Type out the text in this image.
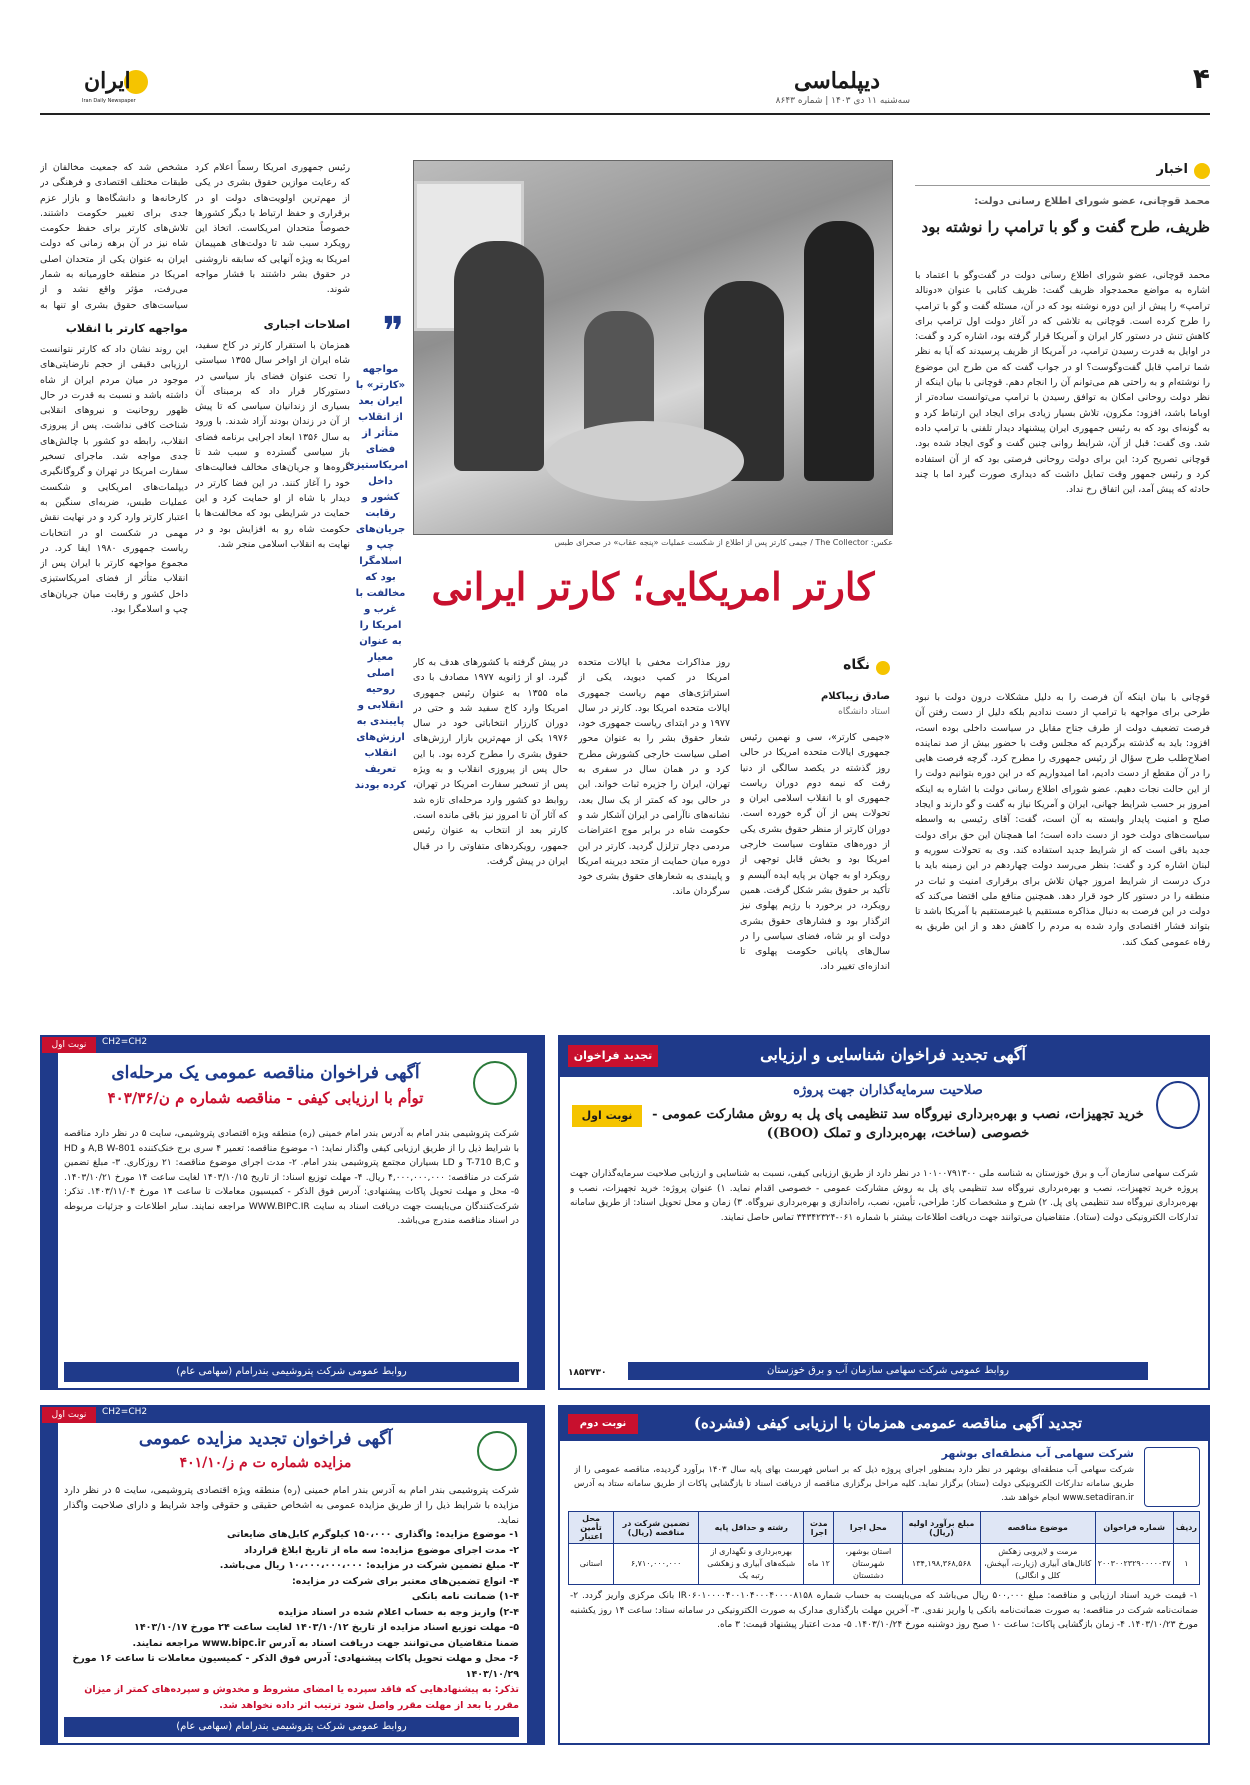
۴
دیپلماسی
سه‌شنبه ۱۱ دی ۱۴۰۳ | شماره ۸۶۴۳
ایران
Iran Daily Newspaper
اخبار
محمد قوچانی، عضو شورای اطلاع رسانی دولت:
ظریف، طرح گفت و گو با ترامپ را نوشته بود
محمد قوچانی، عضو شورای اطلاع رسانی دولت در گفت‌وگو با اعتماد با اشاره به مواضع محمدجواد ظریف گفت: ظریف کتابی با عنوان «دونالد ترامپ» را پیش از این دوره نوشته بود که در آن، مسئله گفت و گو با ترامپ را طرح کرده است. قوچانی به تلاشی که در آغاز دولت اول ترامپ برای کاهش تنش در دستور کار ایران و آمریکا قرار گرفته بود، اشاره کرد و گفت: در اوایل به قدرت رسیدن ترامپ، در آمریکا از ظریف پرسیدند که آیا به نظر شما ترامپ قابل گفت‌وگوست؟ او در جواب گفت که من طرح این موضوع را نوشته‌ام و به راحتی هم می‌توانم آن را انجام دهم. قوچانی با بیان اینکه از نظر دولت روحانی امکان به توافق رسیدن با ترامپ می‌توانست ساده‌تر از اوباما باشد، افزود: مکرون، تلاش بسیار زیادی برای ایجاد این ارتباط کرد و به گونه‌ای بود که به رئیس جمهوری ایران پیشنهاد دیدار تلفنی با ترامپ داده شد. وی گفت: قبل از آن، شرایط روانی چنین گفت و گوی ایجاد شده بود. قوچانی تصریح کرد: این برای دولت روحانی فرصتی بود که از آن استفاده کرد و رئیس جمهور وقت تمایل داشت که دیداری صورت گیرد اما با چند حادثه که پیش آمد، این اتفاق رخ نداد.
قوچانی با بیان اینکه آن فرصت را به دلیل مشکلات درون دولت با نبود طرحی برای مواجهه با ترامپ از دست ندادیم بلکه دلیل از دست رفتن آن فرصت تضعیف دولت از طرف جناح مقابل در سیاست داخلی بوده است، افزود: باید به گذشته برگردیم که مجلس وقت با حضور بیش از صد نماینده اصلاح‌طلب طرح سؤال از رئیس جمهوری را مطرح کرد. گرچه فرصت هایی را در آن مقطع از دست دادیم، اما امیدواریم که در این دوره بتوانیم دولت را از این حالت نجات دهیم. عضو شورای اطلاع رسانی دولت با اشاره به اینکه امروز بر حسب شرایط جهانی، ایران و آمریکا نیاز به گفت و گو دارند و ایجاد صلح و امنیت پایدار وابسته به آن است، گفت: آقای رئیسی به واسطه سیاست‌های دولت خود از دست داده است؛ اما همچنان این حق برای دولت جدید باقی است که از شرایط جدید استفاده کند. وی به تحولات سوریه و لبنان اشاره کرد و گفت: بنظر می‌رسد دولت چهاردهم در این زمینه باید با درک درست از شرایط امروز جهان تلاش برای برقراری امنیت و ثبات در منطقه را در دستور کار خود قرار دهد. همچنین منافع ملی اقتضا می‌کند که دولت در این فرصت به دنبال مذاکره مستقیم یا غیرمستقیم با آمریکا باشد تا بتواند فشار اقتصادی وارد شده به مردم را کاهش دهد و از این طریق به رفاه عمومی کمک کند.
عکس: The Collector / جیمی کارتر پس از اطلاع از شکست عملیات «پنجه عقاب» در صحرای طبس
❞
مواجهه «کارتر» با ایران بعد از انقلاب متأثر از فضای امریکاستیزی داخل کشور و رقابت جریان‌های چپ و اسلامگرا بود که مخالفت با غرب و امریکا را به عنوان معیار اصلی روحیه انقلابی و پایبندی به ارزش‌های انقلاب تعریف کرده بودند
کارتر امریکایی؛ کارتر ایرانی
نگاه
صادق زیباکلام
استاد دانشگاه
«جیمی کارتر»، سی و نهمین رئیس جمهوری ایالات متحده امریکا در حالی روز گذشته در یکصد سالگی از دنیا رفت که نیمه دوم دوران ریاست جمهوری او با انقلاب اسلامی ایران و تحولات پس از آن گره خورده است. دوران کارتر از منظر حقوق بشری یکی از دوره‌های متفاوت سیاست خارجی امریکا بود و بخش قابل توجهی از رویکرد او به جهان بر پایه ایده آلیسم و تأکید بر حقوق بشر شکل گرفت. همین رویکرد، در برخورد با رژیم پهلوی نیز اثرگذار بود و فشارهای حقوق بشری دولت او بر شاه، فضای سیاسی را در سال‌های پایانی حکومت پهلوی تا اندازه‌ای تغییر داد.
روز مذاکرات مخفی با ایالات متحده امریکا در کمپ دیوید، یکی از استراتژی‌های مهم ریاست جمهوری ایالات متحده امریکا بود. کارتر در سال ۱۹۷۷ و در ابتدای ریاست جمهوری خود، شعار حقوق بشر را به عنوان محور اصلی سیاست خارجی کشورش مطرح کرد و در همان سال در سفری به تهران، ایران را جزیره ثبات خواند. این در حالی بود که کمتر از یک سال بعد، نشانه‌های ناآرامی در ایران آشکار شد و حکومت شاه در برابر موج اعتراضات مردمی دچار تزلزل گردید. کارتر در این دوره میان حمایت از متحد دیرینه امریکا و پایبندی به شعارهای حقوق بشری خود سرگردان ماند.
در پیش گرفته با کشورهای هدف به کار گیرد. او از ژانویه ۱۹۷۷ مصادف با دی ماه ۱۳۵۵ به عنوان رئیس جمهوری امریکا وارد کاخ سفید شد و حتی در دوران کارزار انتخاباتی خود در سال ۱۹۷۶ یکی از مهم‌ترین بازار ارزش‌های حقوق بشری را مطرح کرده بود. با این حال پس از پیروزی انقلاب و به ویژه پس از تسخیر سفارت امریکا در تهران، روابط دو کشور وارد مرحله‌ای تازه شد که آثار آن تا امروز نیز باقی مانده است. کارتر بعد از انتخاب به عنوان رئیس جمهور، رویکردهای متفاوتی را در قبال ایران در پیش گرفت.
رئیس جمهوری امریکا رسماً اعلام کرد که رعایت موازین حقوق بشری در یکی از مهم‌ترین اولویت‌های دولت او در برقراری و حفظ ارتباط با دیگر کشورها خصوصاً متحدان امریکاست. اتخاذ این رویکرد سبب شد تا دولت‌های همپیمان امریکا به ویژه آنهایی که سابقه ناروشنی در حقوق بشر داشتند با فشار مواجه شوند.
اصلاحات اجباری
همزمان با استقرار کارتر در کاخ سفید، شاه ایران از اواخر سال ۱۳۵۵ سیاستی را تحت عنوان فضای باز سیاسی در دستورکار قرار داد که برمبنای آن بسیاری از زندانیان سیاسی که تا پیش از آن در زندان بودند آزاد شدند. با ورود به سال ۱۳۵۶ ابعاد اجرایی برنامه فضای باز سیاسی گسترده و سبب شد تا گروه‌ها و جریان‌های مخالف فعالیت‌های خود را آغاز کنند. در این فضا کارتر در دیدار با شاه از او حمایت کرد و این حمایت در شرایطی بود که مخالفت‌ها با حکومت شاه رو به افزایش بود و در نهایت به انقلاب اسلامی منجر شد.
مشخص شد که جمعیت مخالفان از طبقات مختلف اقتصادی و فرهنگی در کارخانه‌ها و دانشگاه‌ها و بازار عزم جدی برای تغییر حکومت داشتند. تلاش‌های کارتر برای حفظ حکومت شاه نیز در آن برهه زمانی که دولت ایران به عنوان یکی از متحدان اصلی امریکا در منطقه خاورمیانه به شمار می‌رفت، مؤثر واقع نشد و از سیاست‌های حقوق بشری او تنها به
مواجهه کارتر با انقلاب
این روند نشان داد که کارتر نتوانست ارزیابی دقیقی از حجم نارضایتی‌های موجود در میان مردم ایران از شاه داشته باشد و نسبت به قدرت در حال ظهور روحانیت و نیروهای انقلابی شناخت کافی نداشت. پس از پیروزی انقلاب، رابطه دو کشور با چالش‌های جدی مواجه شد. ماجرای تسخیر سفارت امریکا در تهران و گروگانگیری دیپلمات‌های امریکایی و شکست عملیات طبس، ضربه‌ای سنگین به اعتبار کارتر وارد کرد و در نهایت نقش مهمی در شکست او در انتخابات ریاست جمهوری ۱۹۸۰ ایفا کرد. در مجموع مواجهه کارتر با ایران پس از انقلاب متأثر از فضای امریکاستیزی داخل کشور و رقابت میان جریان‌های چپ و اسلامگرا بود.
CH2=CH2
نوبت اول
آگهی فراخوان مناقصه عمومی یک مرحله‌ای
توأم با ارزیابی کیفی - مناقصه شماره م ن/۴۰۳/۳۶
شرکت پتروشیمی بندر امام به آدرس بندر امام خمینی (ره) منطقه ویژه اقتصادی پتروشیمی، سایت ۵ در نظر دارد مناقصه با شرایط ذیل را از طریق ارزیابی کیفی واگذار نماید: ۱- موضوع مناقصه: تعمیر ۴ سری برج خنک‌کننده A,B W-801 و HD و T-710 B,C و LD بسیاران مجتمع پتروشیمی بندر امام. ۲- مدت اجرای موضوع مناقصه: ۲۱ روزکاری. ۳- مبلغ تضمین شرکت در مناقصه: ۴,۰۰۰,۰۰۰,۰۰۰ ریال. ۴- مهلت توزیع اسناد: از تاریخ ۱۴۰۳/۱۰/۱۵ لغایت ساعت ۱۴ مورخ ۱۴۰۳/۱۰/۲۱. ۵- محل و مهلت تحویل پاکات پیشنهادی: آدرس فوق الذکر - کمیسیون معاملات تا ساعت ۱۴ مورخ ۱۴۰۳/۱۱/۰۴. تذکر: شرکت‌کنندگان می‌بایست جهت دریافت اسناد به سایت WWW.BIPC.IR مراجعه نمایند. سایر اطلاعات و جزئیات مربوطه در اسناد مناقصه مندرج می‌باشد.
روابط عمومی شرکت پتروشیمی بندرامام (سهامی عام)
تجدید فراخوان	آگهی تجدید فراخوان شناسایی و ارزیابی
صلاحیت سرمایه‌گذاران جهت پروژه
نوبت اول	خرید تجهیزات، نصب و بهره‌برداری نیروگاه سد تنظیمی پای پل به روش مشارکت عمومی - خصوصی (ساخت، بهره‌برداری و تملک (BOO))
شرکت سهامی سازمان آب و برق خوزستان به شناسه ملی ۱۰۱۰۰۷۹۱۳۰۰ در نظر دارد از طریق ارزیابی کیفی، نسبت به شناسایی و ارزیابی صلاحیت سرمایه‌گذاران جهت پروژه خرید تجهیزات، نصب و بهره‌برداری نیروگاه سد تنظیمی پای پل به روش مشارکت عمومی - خصوصی اقدام نماید. ۱) عنوان پروژه: خرید تجهیزات، نصب و بهره‌برداری نیروگاه سد تنظیمی پای پل. ۲) شرح و مشخصات کار: طراحی، تأمین، نصب، راه‌اندازی و بهره‌برداری نیروگاه. ۳) زمان و محل تحویل اسناد: از طریق سامانه تدارکات الکترونیکی دولت (ستاد). متقاضیان می‌توانند جهت دریافت اطلاعات بیشتر با شماره ۰۶۱-۳۴۳۴۲۳۲۴ تماس حاصل نمایند.
روابط عمومی شرکت سهامی سازمان آب و برق خوزستان
۱۸۵۳۷۳۰
CH2=CH2
نوبت اول
آگهی فراخوان تجدید مزایده عمومی
مزایده شماره ت م ز/۴۰۱/۱۰
شرکت پتروشیمی بندر امام به آدرس بندر امام خمینی (ره) منطقه ویژه اقتصادی پتروشیمی، سایت ۵ در نظر دارد مزایده با شرایط ذیل را از طریق مزایده عمومی به اشخاص حقیقی و حقوقی واجد شرایط و دارای صلاحیت واگذار نماید.
۱- موضوع مزایده: واگذاری ۱۵۰،۰۰۰ کیلوگرم کابل‌های ضایعاتی
۲- مدت اجرای موضوع مزایده: سه ماه از تاریخ ابلاغ قرارداد
۳- مبلغ تضمین شرکت در مزایده: ۱۰،۰۰۰،۰۰۰،۰۰۰ ریال می‌باشد.
۴- انواع تضمین‌های معتبر برای شرکت در مزایده:
۱-۴) ضمانت نامه بانکی
۲-۴) واریز وجه به حساب اعلام شده در اسناد مزایده
۵- مهلت توزیع اسناد مزایده از تاریخ ۱۴۰۳/۱۰/۱۲ لغایت ساعت ۲۴ مورخ ۱۴۰۳/۱۰/۱۷
ضمنا متقاضیان می‌توانند جهت دریافت اسناد به آدرس www.bipc.ir مراجعه نمایند.
۶- محل و مهلت تحویل پاکات پیشنهادی: آدرس فوق الذکر - کمیسیون معاملات تا ساعت ۱۶ مورخ ۱۴۰۳/۱۰/۲۹
تذکر: به پیشنهادهایی که فاقد سپرده یا امضای مشروط و مخدوش و سپرده‌های کمتر از میزان مقرر یا بعد از مهلت مقرر واصل شود ترتیب اثر داده نخواهد شد.
روابط عمومی شرکت پتروشیمی بندرامام (سهامی عام)
نوبت دوم	تجدید آگهی مناقصه عمومی همزمان با ارزیابی کیفی (فشرده)
شرکت سهامی آب منطقه‌ای بوشهر
شرکت سهامی آب منطقه‌ای بوشهر در نظر دارد بمنظور اجرای پروژه ذیل که بر اساس فهرست بهای پایه سال ۱۴۰۳ برآورد گردیده، مناقصه عمومی را از طریق سامانه تدارکات الکترونیکی دولت (ستاد) برگزار نماید. کلیه مراحل برگزاری مناقصه از دریافت اسناد تا بازگشایی پاکات از طریق سامانه ستاد به آدرس www.setadiran.ir انجام خواهد شد.
ردیف	شماره فراخوان	موضوع مناقصه	مبلغ برآورد اولیه (ریال)	محل اجرا	مدت اجرا	رشته و حداقل پایه	تضمین شرکت در مناقصه (ریال)	محل تأمین اعتبار
۱	۲۰۰۳۰۰۲۳۲۹۰۰۰۰۰۳۷	مرمت و لایروبی زهکش کانال‌های آبیاری (زیارت، آبپخش، کلل و انگالی)	۱۳۴,۱۹۸,۳۶۸,۵۶۸	استان بوشهر، شهرستان دشتستان	۱۲ ماه	بهره‌برداری و نگهداری از شبکه‌های آبیاری و زهکشی رتبه یک	۶,۷۱۰,۰۰۰,۰۰۰	استانی
۱- قیمت خرید اسناد ارزیابی و مناقصه: مبلغ ۵۰۰,۰۰۰ ریال می‌باشد که می‌بایست به حساب شماره IR۰۶۰۱۰۰۰۰۴۰۰۱۰۴۰۰۰۴۰۰۰۰۸۱۵۸ بانک مرکزی واریز گردد. ۲- ضمانت‌نامه شرکت در مناقصه: به صورت ضمانت‌نامه بانکی یا واریز نقدی. ۳- آخرین مهلت بارگذاری مدارک به صورت الکترونیکی در سامانه ستاد: ساعت ۱۴ روز یکشنبه مورخ ۱۴۰۳/۱۰/۲۳. ۴- زمان بازگشایی پاکات: ساعت ۱۰ صبح روز دوشنبه مورخ ۱۴۰۳/۱۰/۲۴. ۵- مدت اعتبار پیشنهاد قیمت: ۳ ماه.
